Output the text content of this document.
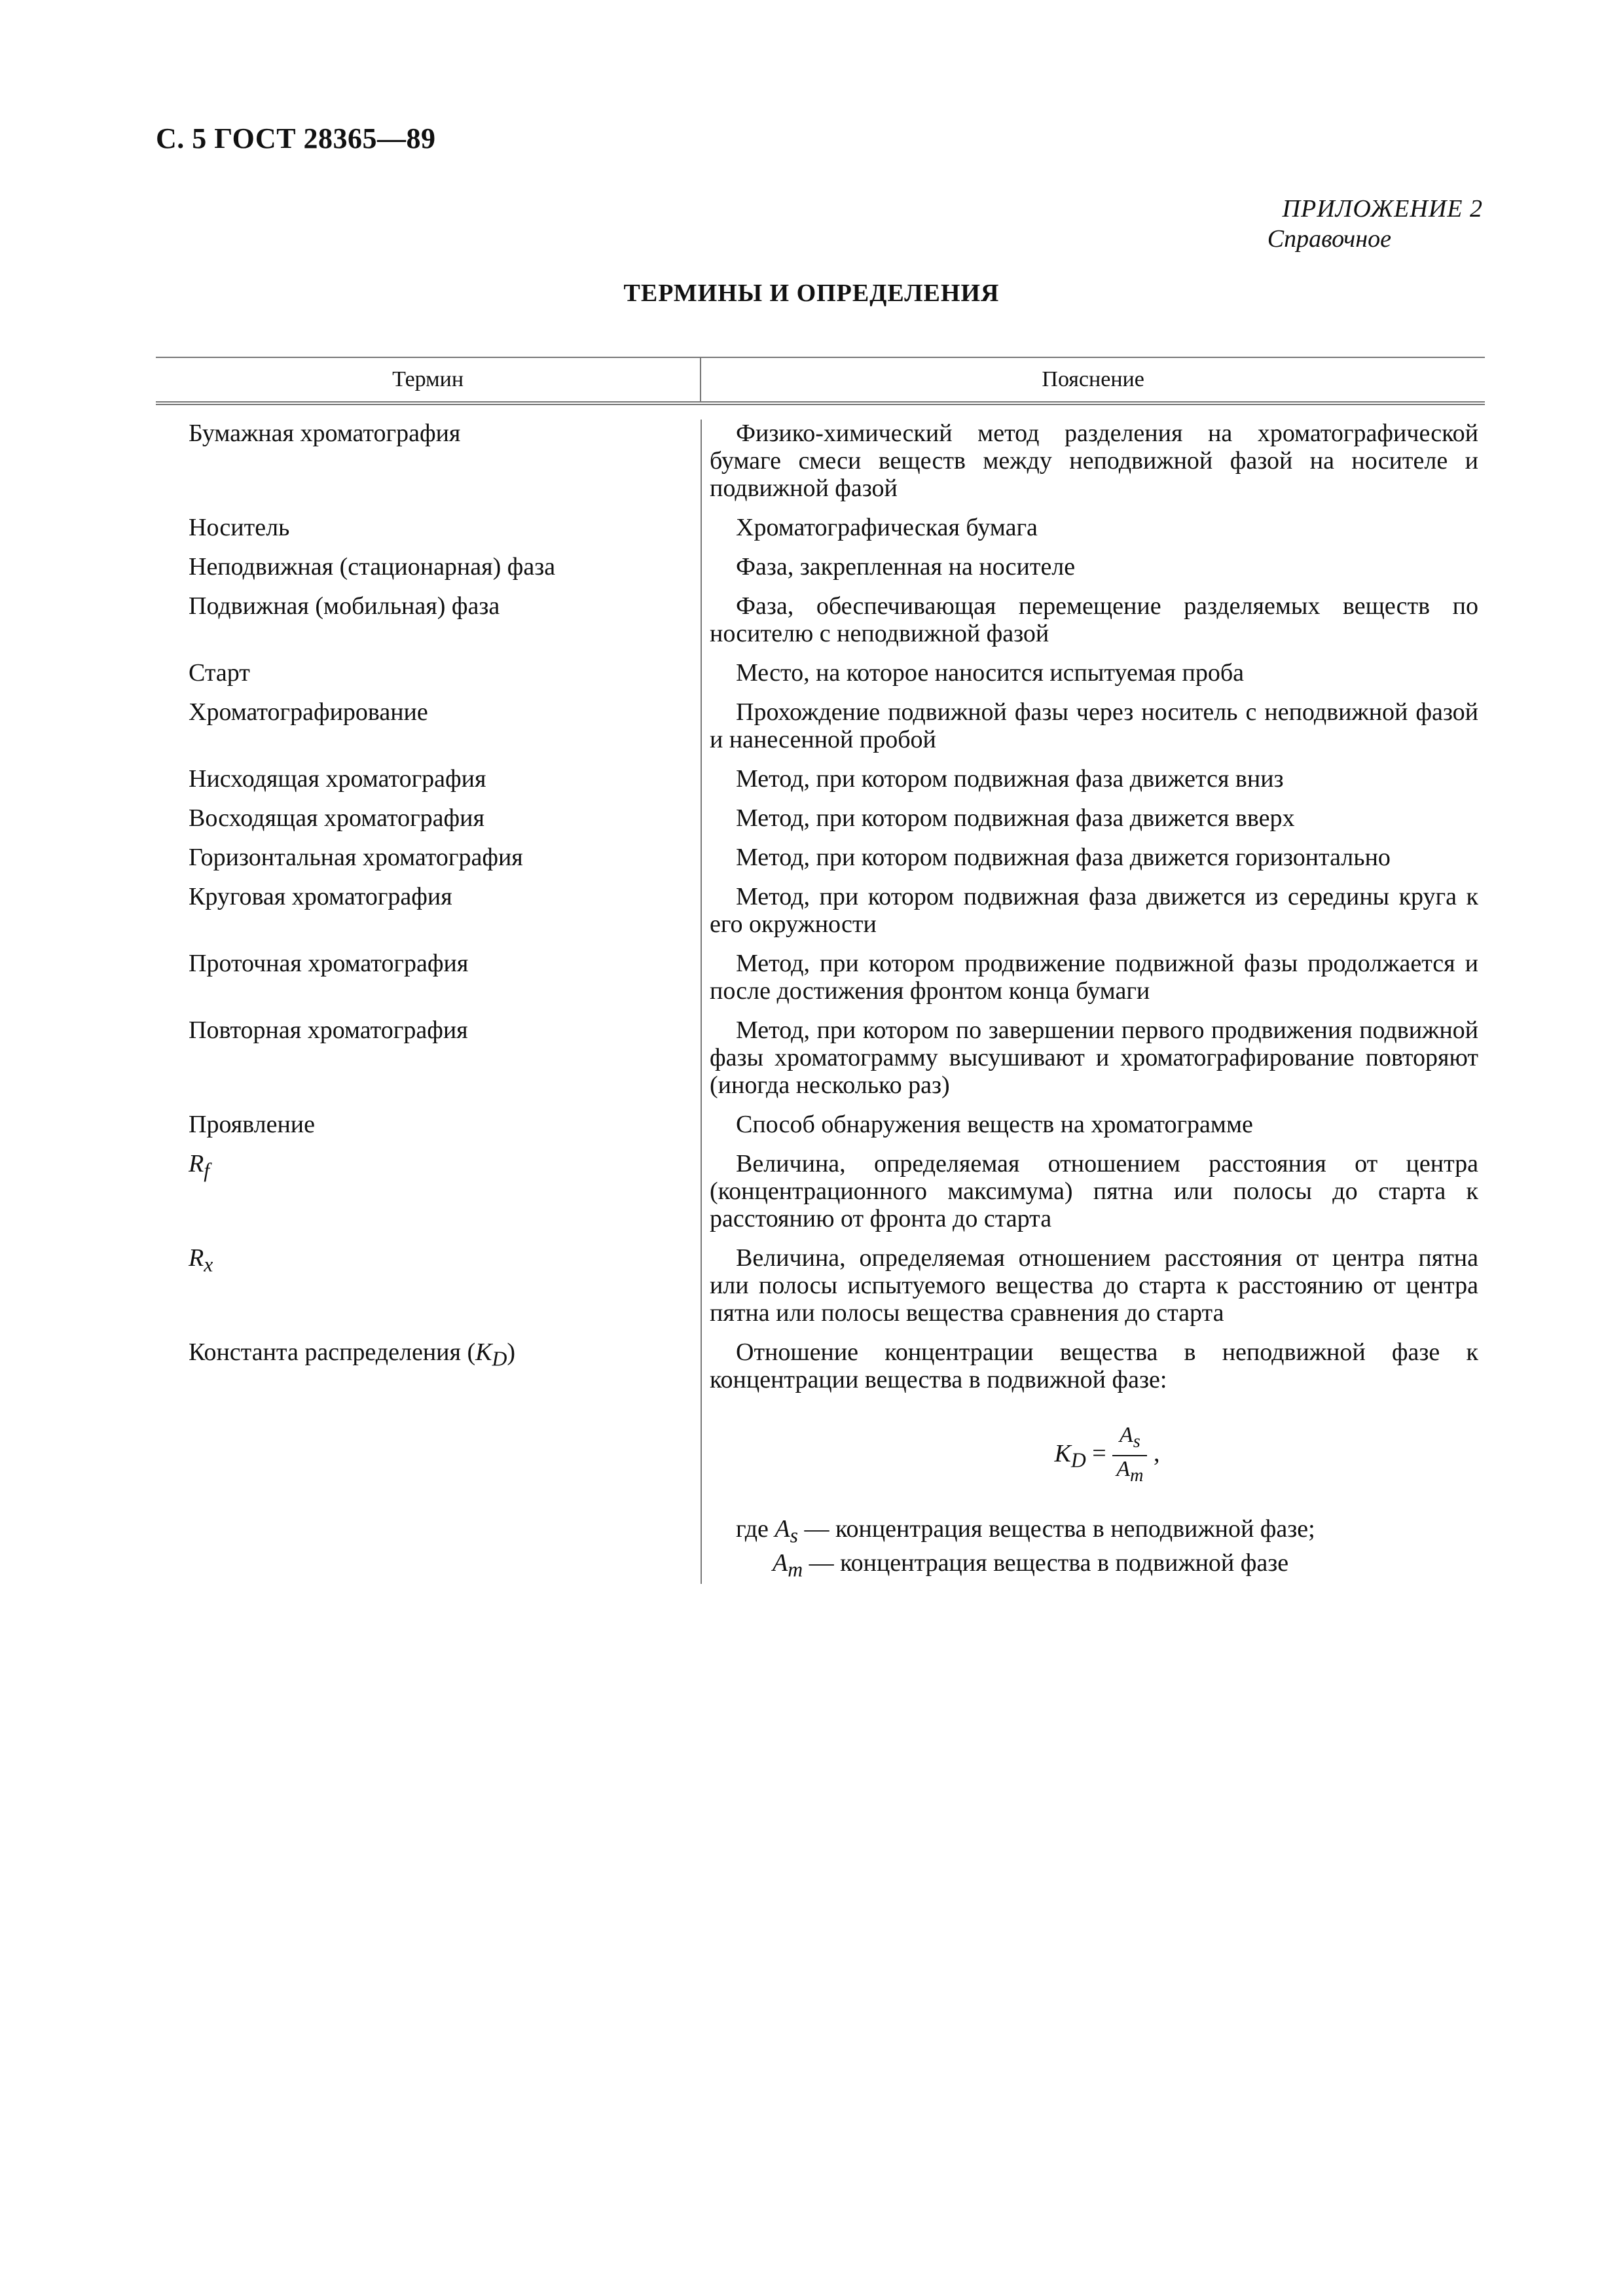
С. 5 ГОСТ 28365—89
ПРИЛОЖЕНИЕ 2
Справочное
ТЕРМИНЫ И ОПРЕДЕЛЕНИЯ
Термин	Пояснение
Бумажная хроматография	Физико-химический метод разделения на хроматографической бумаге смеси веществ между неподвижной фазой на носителе и подвижной фазой
Носитель	Хроматографическая бумага
Неподвижная (стационарная) фаза	Фаза, закрепленная на носителе
Подвижная (мобильная) фаза	Фаза, обеспечивающая перемещение разделяемых веществ по носителю с неподвижной фазой
Старт	Место, на которое наносится испытуемая проба
Хроматографирование	Прохождение подвижной фазы через носитель с неподвижной фазой и нанесенной пробой
Нисходящая хроматография	Метод, при котором подвижная фаза движется вниз
Восходящая хроматография	Метод, при котором подвижная фаза движется вверх
Горизонтальная хроматография	Метод, при котором подвижная фаза движется горизонтально
Круговая хроматография	Метод, при котором подвижная фаза движется из середины круга к его окружности
Проточная хроматография	Метод, при котором продвижение подвижной фазы продолжается и после достижения фронтом конца бумаги
Повторная хроматография	Метод, при котором по завершении первого продвижения подвижной фазы хроматограмму высушивают и хроматографирование повторяют (иногда несколько раз)
Проявление	Способ обнаружения веществ на хроматограмме
$R_f$	Величина, определяемая отношением расстояния от центра (концентрационного максимума) пятна или полосы до старта к расстоянию от фронта до старта
$R_x$	Величина, определяемая отношением расстояния от центра пятна или полосы испытуемого вещества до старта к расстоянию от центра пятна или полосы вещества сравнения до старта
Константа распределения $(K_D)$	Отношение концентрации вещества в неподвижной фазе к концентрации вещества в подвижной фазе:
$K_D = \frac{A_s}{A_m}$ ,
где $A_s$ — концентрация вещества в неподвижной фазе;
$A_m$ — концентрация вещества в подвижной фазе
